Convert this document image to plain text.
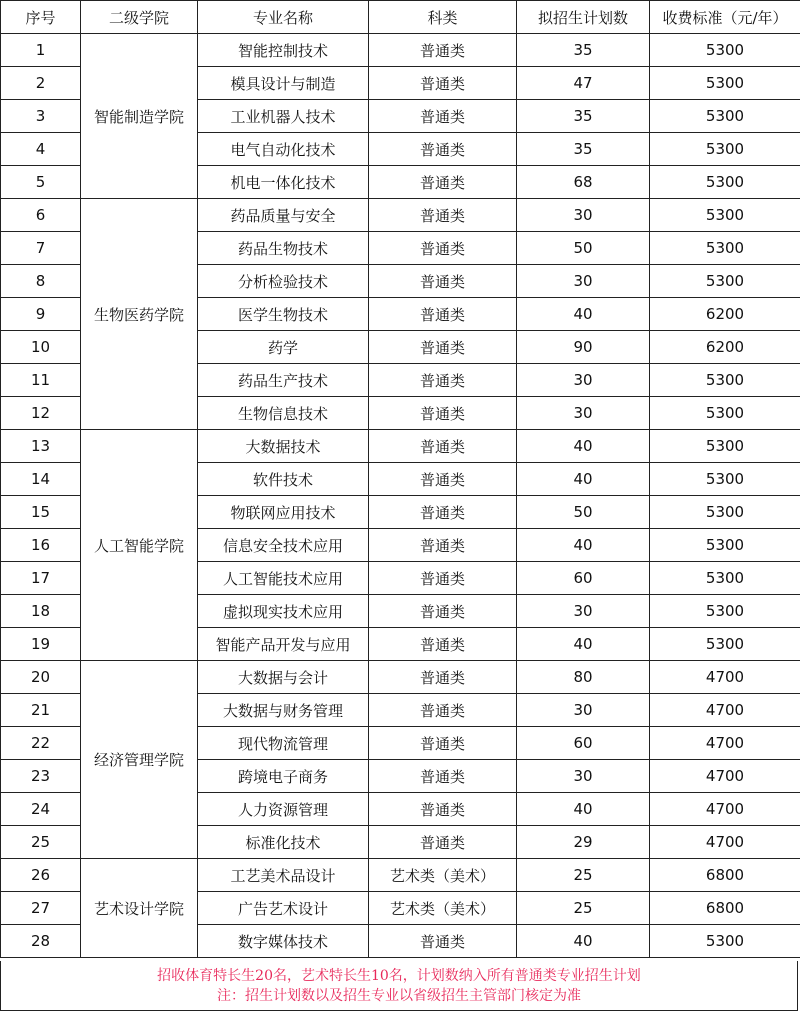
序号	二级学院	专业名称	科类	拟招生计划数	收费标准（元/年）
1	智能制造学院	智能控制技术	普通类	35	5300
2		模具设计与制造	普通类	47	5300
3		工业机器人技术	普通类	35	5300
4		电气自动化技术	普通类	35	5300
5		机电一体化技术	普通类	68	5300
6	生物医药学院	药品质量与安全	普通类	30	5300
7		药品生物技术	普通类	50	5300
8		分析检验技术	普通类	30	5300
9		医学生物技术	普通类	40	6200
10		药学	普通类	90	6200
11		药品生产技术	普通类	30	5300
12		生物信息技术	普通类	30	5300
13	人工智能学院	大数据技术	普通类	40	5300
14		软件技术	普通类	40	5300
15		物联网应用技术	普通类	50	5300
16		信息安全技术应用	普通类	40	5300
17		人工智能技术应用	普通类	60	5300
18		虚拟现实技术应用	普通类	30	5300
19		智能产品开发与应用	普通类	40	5300
20	经济管理学院	大数据与会计	普通类	80	4700
21		大数据与财务管理	普通类	30	4700
22		现代物流管理	普通类	60	4700
23		跨境电子商务	普通类	30	4700
24		人力资源管理	普通类	40	4700
25		标准化技术	普通类	29	4700
26	艺术设计学院	工艺美术品设计	艺术类（美术）	25	6800
27		广告艺术设计	艺术类（美术）	25	6800
28		数字媒体技术	普通类	40	5300
招收体育特长生20名，艺术特长生10名，计划数纳入所有普通类专业招生计划
注：招生计划数以及招生专业以省级招生主管部门核定为准
